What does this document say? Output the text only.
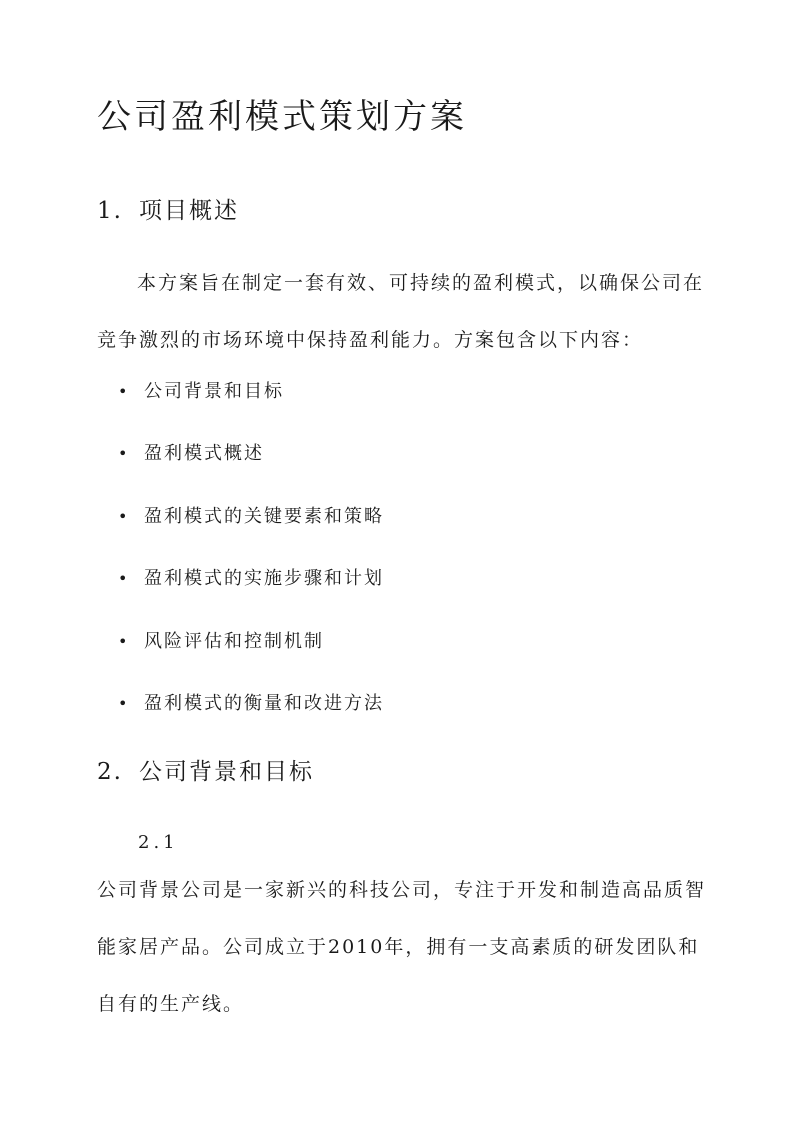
公司盈利模式策划方案
1. 项目概述

本方案旨在制定一套有效、可持续的盈利模式，以确保公司在竞争激烈的市场环境中保持盈利能力。方案包含以下内容：

• 公司背景和目标
• 盈利模式概述
• 盈利模式的关键要素和策略
• 盈利模式的实施步骤和计划
• 风险评估和控制机制
• 盈利模式的衡量和改进方法
2. 公司背景和目标
2.1

公司背景公司是一家新兴的科技公司，专注于开发和制造高品质智能家居产品。公司成立于2010年，拥有一支高素质的研发团队和自有的生产线。
